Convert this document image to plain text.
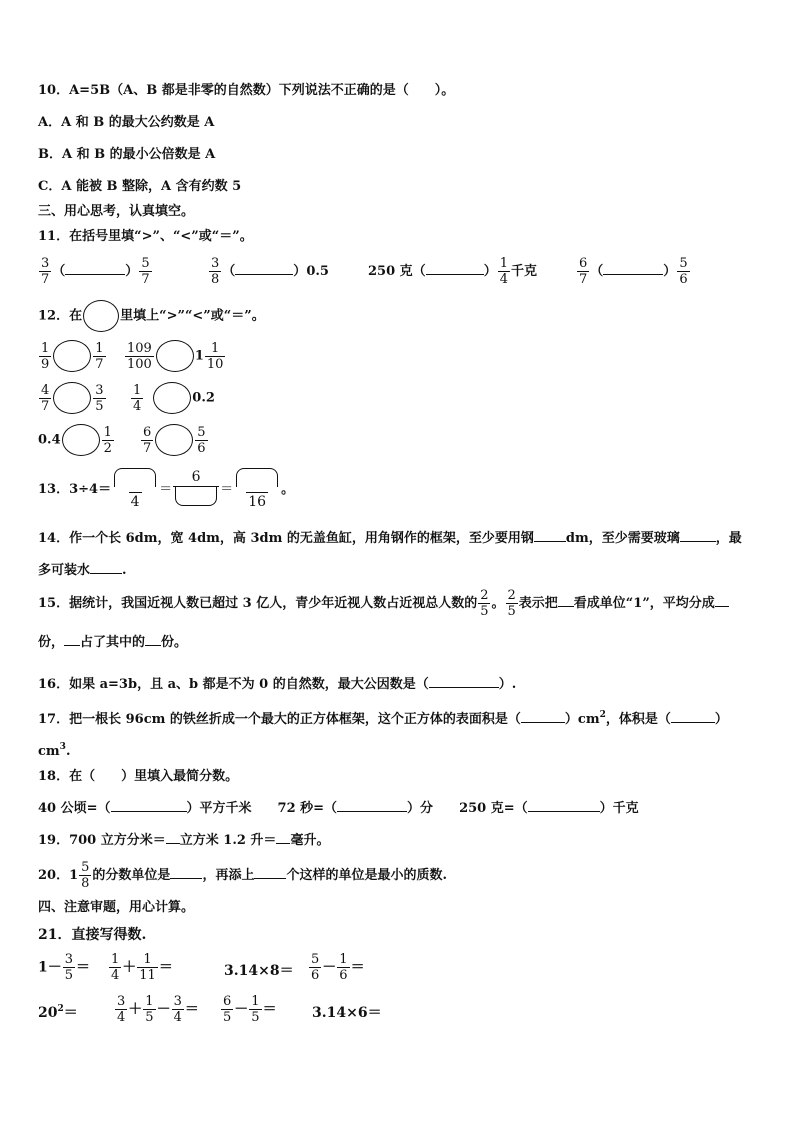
10．A=5B（A、B 都是非零的自然数）下列说法不正确的是（　　）。
A．A 和 B 的最大公约数是 A
B．A 和 B 的最小公倍数是 A
C．A 能被 B 整除，A 含有约数 5
三、用心思考，认真填空。
11．在括号里填“>”、“<”或“＝”。
$\frac{3}{7}$ （	） $\frac{5}{7}$	$\frac{3}{8}$ （	）0.5	250 克（	） $\frac{1}{4}$ 千克	$\frac{6}{7}$ （	） $\frac{5}{6}$
12．在	里填上“>”“<”或“＝”。
$\frac{1}{9}$	$\frac{1}{7} \frac{109}{100}$	$1 \frac{1}{10}$
$\frac{4}{7}$	$\frac{3}{5} \frac{1}{4}$	0.2
0.4	$\frac{1}{2} \frac{6}{7}$	$\frac{5}{6}$
13．3÷4＝
4
＝
6
＝
16
。
14．作一个长 6dm，宽 4dm，高 3dm 的无盖鱼缸，用角钢作的框架，至少要用钢 dm，至少需要玻璃	，最
多可装水 .
15．据统计，我国近视人数已超过 3 亿人，青少年近视人数占近视总人数的 $\frac{2}{5}$ 。 $\frac{2}{5}$ 表示把 看成单位“1”，平均分成
份， 占了其中的 份。
16．如果 a=3b，且 a、b 都是不为 0 的自然数，最大公因数是（	）.
17．把一根长 96cm 的铁丝折成一个最大的正方体框架，这个正方体的表面积是（	）$cm^2$，体积是（	）
$cm^3$.
18．在（　　）里填入最简分数。
40 公顷=（	）平方千米 72 秒=（	）分 250 克=（	）千克
19．700 立方分米＝ 立方米 1.2 升＝ 毫升。
20．$1 \frac{5}{8}$ 的分数单位是 ，再添上 个这样的单位是最小的质数.
四、注意审题，用心计算。
21．直接写得数.
$1- \frac{3}{5} = \frac{1}{4} + \frac{1}{11}$ ＝	$3.14\times 8= \frac{5}{6} - \frac{1}{6}$ ＝
$20^2=$	$\frac{3}{4} + \frac{1}{5} - \frac{3}{4} = \frac{6}{5} - \frac{1}{5}$ ＝	3.14×6＝
